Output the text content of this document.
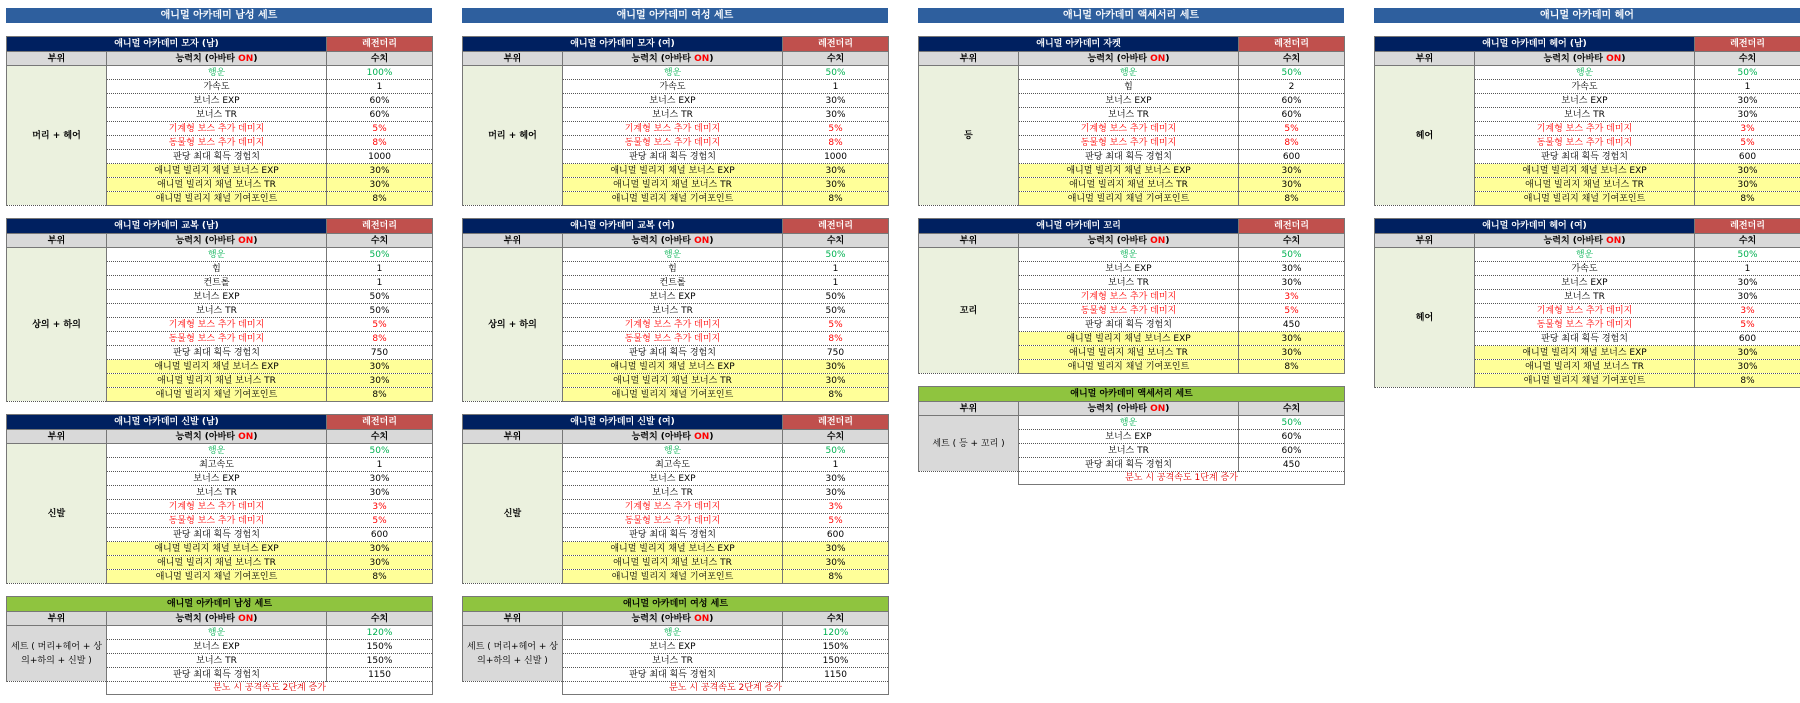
애니멀 아카데미 남성 세트	애니멀 아카데미 여성 세트	애니멀 아카데미 액세서리 세트	애니멀 아카데미 헤어
애니멀 아카데미 모자 (남)		레전더리
부위	능력치 (아바타 ON)	수치
머리 + 헤어	행운	100%
	가속도	1
	보너스 EXP	60%
	보너스 TR	60%
	기계형 보스 추가 데미지	5%
	동물형 보스 추가 데미지	8%
	판당 최대 획득 경험치	1000
	애니멀 빌리지 채널 보너스 EXP	30%
	애니멀 빌리지 채널 보너스 TR	30%
	애니멀 빌리지 채널 기여포인트	8%
애니멀 아카데미 교복 (남)		레전더리
부위	능력치 (아바타 ON)	수치
상의 + 하의	행운	50%
	힘	1
	컨트롤	1
	보너스 EXP	50%
	보너스 TR	50%
	기계형 보스 추가 데미지	5%
	동물형 보스 추가 데미지	8%
	판당 최대 획득 경험치	750
	애니멀 빌리지 채널 보너스 EXP	30%
	애니멀 빌리지 채널 보너스 TR	30%
	애니멀 빌리지 채널 기여포인트	8%
애니멀 아카데미 신발 (남)		레전더리
부위	능력치 (아바타 ON)	수치
신발	행운	50%
	최고속도	1
	보너스 EXP	30%
	보너스 TR	30%
	기계형 보스 추가 데미지	3%
	동물형 보스 추가 데미지	5%
	판당 최대 획득 경험치	600
	애니멀 빌리지 채널 보너스 EXP	30%
	애니멀 빌리지 채널 보너스 TR	30%
	애니멀 빌리지 채널 기여포인트	8%
애니멀 아카데미 남성 세트		
부위	능력치 (아바타 ON)	수치
세트 ( 머리+헤어 + 상의+하의 + 신발 )	행운	120%
	보너스 EXP	150%
	보너스 TR	150%
	판당 최대 획득 경험치	1150
	분노 시 공격속도 2단계 증가	
애니멀 아카데미 모자 (여)		레전더리
부위	능력치 (아바타 ON)	수치
머리 + 헤어	행운	50%
	가속도	1
	보너스 EXP	30%
	보너스 TR	30%
	기계형 보스 추가 데미지	5%
	동물형 보스 추가 데미지	8%
	판당 최대 획득 경험치	1000
	애니멀 빌리지 채널 보너스 EXP	30%
	애니멀 빌리지 채널 보너스 TR	30%
	애니멀 빌리지 채널 기여포인트	8%
애니멀 아카데미 교복 (여)		레전더리
부위	능력치 (아바타 ON)	수치
상의 + 하의	행운	50%
	힘	1
	컨트롤	1
	보너스 EXP	50%
	보너스 TR	50%
	기계형 보스 추가 데미지	5%
	동물형 보스 추가 데미지	8%
	판당 최대 획득 경험치	750
	애니멀 빌리지 채널 보너스 EXP	30%
	애니멀 빌리지 채널 보너스 TR	30%
	애니멀 빌리지 채널 기여포인트	8%
애니멀 아카데미 신발 (여)		레전더리
부위	능력치 (아바타 ON)	수치
신발	행운	50%
	최고속도	1
	보너스 EXP	30%
	보너스 TR	30%
	기계형 보스 추가 데미지	3%
	동물형 보스 추가 데미지	5%
	판당 최대 획득 경험치	600
	애니멀 빌리지 채널 보너스 EXP	30%
	애니멀 빌리지 채널 보너스 TR	30%
	애니멀 빌리지 채널 기여포인트	8%
애니멀 아카데미 여성 세트		
부위	능력치 (아바타 ON)	수치
세트 ( 머리+헤어 + 상의+하의 + 신발 )	행운	120%
	보너스 EXP	150%
	보너스 TR	150%
	판당 최대 획득 경험치	1150
	분노 시 공격속도 2단계 증가	
애니멀 아카데미 자켓		레전더리
부위	능력치 (아바타 ON)	수치
등	행운	50%
	힘	2
	보너스 EXP	60%
	보너스 TR	60%
	기계형 보스 추가 데미지	5%
	동물형 보스 추가 데미지	8%
	판당 최대 획득 경험치	600
	애니멀 빌리지 채널 보너스 EXP	30%
	애니멀 빌리지 채널 보너스 TR	30%
	애니멀 빌리지 채널 기여포인트	8%
애니멀 아카데미 꼬리		레전더리
부위	능력치 (아바타 ON)	수치
꼬리	행운	50%
	보너스 EXP	30%
	보너스 TR	30%
	기계형 보스 추가 데미지	3%
	동물형 보스 추가 데미지	5%
	판당 최대 획득 경험치	450
	애니멀 빌리지 채널 보너스 EXP	30%
	애니멀 빌리지 채널 보너스 TR	30%
	애니멀 빌리지 채널 기여포인트	8%
애니멀 아카데미 액세서리 세트		
부위	능력치 (아바타 ON)	수치
세트 ( 등 + 꼬리 )	행운	50%
	보너스 EXP	60%
	보너스 TR	60%
	판당 최대 획득 경험치	450
	분노 시 공격속도 1단계 증가	
애니멀 아카데미 헤어 (남)		레전더리
부위	능력치 (아바타 ON)	수치
헤어	행운	50%
	가속도	1
	보너스 EXP	30%
	보너스 TR	30%
	기계형 보스 추가 데미지	3%
	동물형 보스 추가 데미지	5%
	판당 최대 획득 경험치	600
	애니멀 빌리지 채널 보너스 EXP	30%
	애니멀 빌리지 채널 보너스 TR	30%
	애니멀 빌리지 채널 기여포인트	8%
애니멀 아카데미 헤어 (여)		레전더리
부위	능력치 (아바타 ON)	수치
헤어	행운	50%
	가속도	1
	보너스 EXP	30%
	보너스 TR	30%
	기계형 보스 추가 데미지	3%
	동물형 보스 추가 데미지	5%
	판당 최대 획득 경험치	600
	애니멀 빌리지 채널 보너스 EXP	30%
	애니멀 빌리지 채널 보너스 TR	30%
	애니멀 빌리지 채널 기여포인트	8%
